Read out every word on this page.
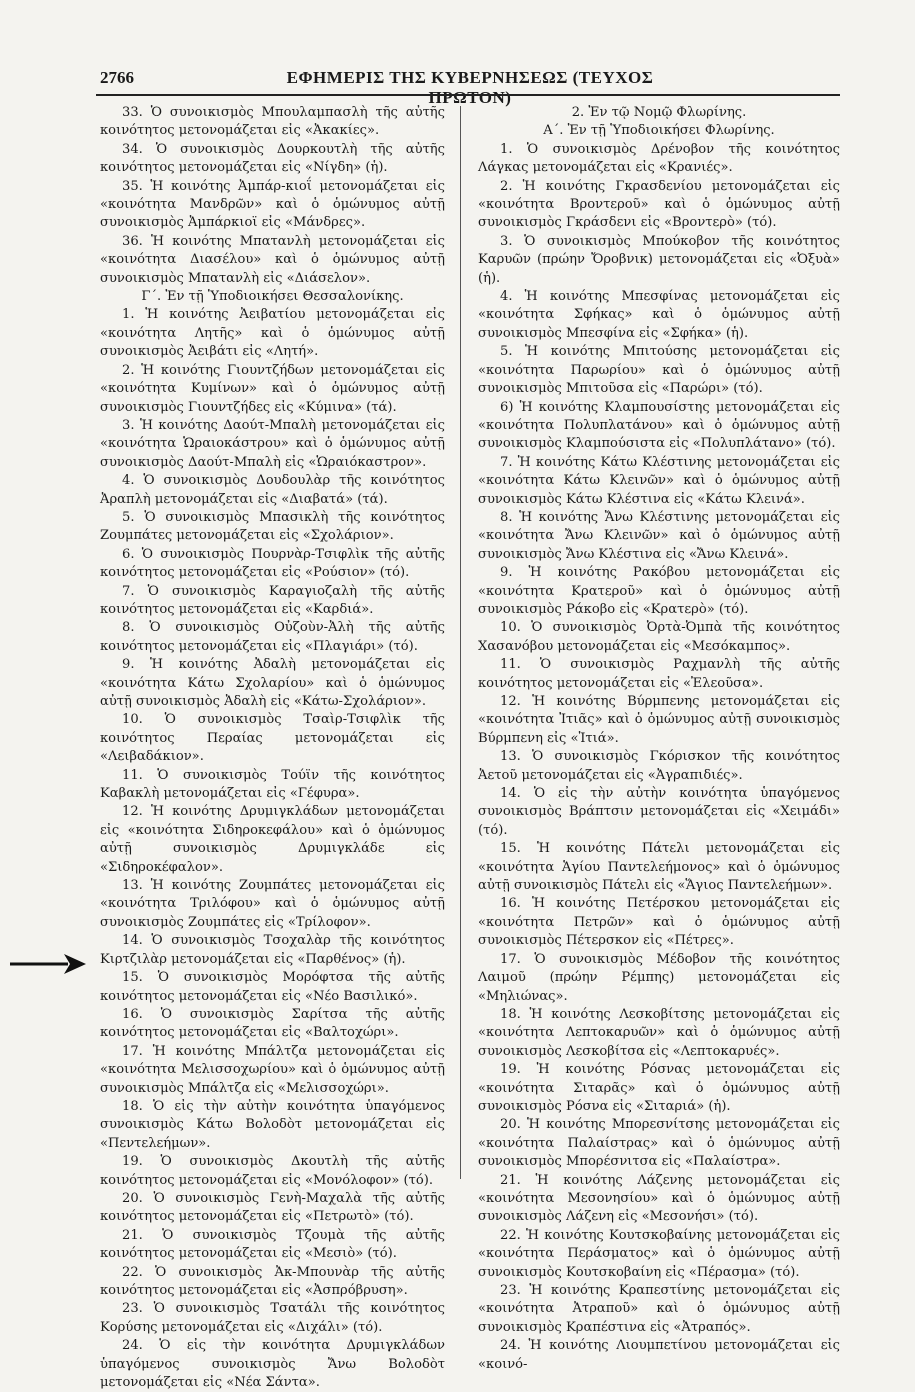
2766	ΕΦΗΜΕΡΙΣ ΤΗΣ ΚΥΒΕΡΝΗΣΕΩΣ (ΤΕΥΧΟΣ ΠΡΩΤΟΝ)

33. Ὁ συνοικισμὸς Μπουλαμπασλὴ τῆς αὐτῆς κοινότητος μετονομάζεται εἰς «Ἀκακίες».

34. Ὁ συνοικισμὸς Δουρκουτλὴ τῆς αὐτῆς κοινότητος μετονομάζεται εἰς «Νίγδη» (ἡ).

35. Ἡ κοινότης Ἀμπάρ-κιοΐ μετονομάζεται εἰς «κοινότητα Μανδρῶν» καὶ ὁ ὁμώνυμος αὐτῇ συνοικισμὸς Ἀμπάρκιοϊ εἰς «Μάνδρες».

36. Ἡ κοινότης Μπατανλὴ μετονομάζεται εἰς «κοινότητα Διασέλου» καὶ ὁ ὁμώνυμος αὐτῇ συνοικισμὸς Μπατανλὴ εἰς «Διάσελον».

Γ΄. Ἐν τῇ Ὑποδιοικήσει Θεσσαλονίκης.

1. Ἡ κοινότης Ἀειβατίου μετονομάζεται εἰς «κοινότητα Λητῆς» καὶ ὁ ὁμώνυμος αὐτῇ συνοικισμὸς Ἀειβάτι εἰς «Λητή».

2. Ἡ κοινότης Γιουντζήδων μετονομάζεται εἰς «κοινότητα Κυμίνων» καὶ ὁ ὁμώνυμος αὐτῇ συνοικισμὸς Γιουντζήδες εἰς «Κύμινα» (τά).

3. Ἡ κοινότης Δαούτ-Μπαλὴ μετονομάζεται εἰς «κοινότητα Ὡραιοκάστρου» καὶ ὁ ὁμώνυμος αὐτῇ συνοικισμὸς Δαούτ-Μπαλὴ εἰς «Ὡραιόκαστρον».

4. Ὁ συνοικισμὸς Δουδουλὰρ τῆς κοινότητος Ἀραπλὴ μετονομάζεται εἰς «Διαβατά» (τά).

5. Ὁ συνοικισμὸς Μπασικλὴ τῆς κοινότητος Ζουμπάτες μετονομάζεται εἰς «Σχολάριον».

6. Ὁ συνοικισμὸς Πουρνὰρ-Τσιφλὶκ τῆς αὐτῆς κοινότητος μετονομάζεται εἰς «Ρούσιον» (τό).

7. Ὁ συνοικισμὸς Καραγιοζαλὴ τῆς αὐτῆς κοινότητος μετονομάζεται εἰς «Καρδιά».

8. Ὁ συνοικισμὸς Οὐζοὺν-Ἀλὴ τῆς αὐτῆς κοινότητος μετονομάζεται εἰς «Πλαγιάρι» (τό).

9. Ἡ κοινότης Ἀδαλὴ μετονομάζεται εἰς «κοινότητα Κάτω Σχολαρίου» καὶ ὁ ὁμώνυμος αὐτῇ συνοικισμὸς Ἀδαλὴ εἰς «Κάτω-Σχολάριον».

10. Ὁ συνοικισμὸς Τσαὶρ-Τσιφλὶκ τῆς κοινότητος Περαίας μετονομάζεται εἰς «Λειβαδάκιον».

11. Ὁ συνοικισμὸς Τούϊν τῆς κοινότητος Καβακλὴ μετονομάζεται εἰς «Γέφυρα».

12. Ἡ κοινότης Δρυμιγκλάδων μετονομάζεται εἰς «κοινότητα Σιδηροκεφάλου» καὶ ὁ ὁμώνυμος αὐτῇ συνοικισμὸς Δρυμιγκλάδε εἰς «Σιδηροκέφαλον».

13. Ἡ κοινότης Ζουμπάτες μετονομάζεται εἰς «κοινότητα Τριλόφου» καὶ ὁ ὁμώνυμος αὐτῇ συνοικισμὸς Ζουμπάτες εἰς «Τρίλοφον».

14. Ὁ συνοικισμὸς Τσοχαλὰρ τῆς κοινότητος Κιρτζιλὰρ μετονομάζεται εἰς «Παρθένος» (ἡ).

15. Ὁ συνοικισμὸς Μορόφτσα τῆς αὐτῆς κοινότητος μετονομάζεται εἰς «Νέο Βασιλικό».

16. Ὁ συνοικισμὸς Σαρίτσα τῆς αὐτῆς κοινότητος μετονομάζεται εἰς «Βαλτοχώρι».

17. Ἡ κοινότης Μπάλτζα μετονομάζεται εἰς «κοινότητα Μελισσοχωρίου» καὶ ὁ ὁμώνυμος αὐτῇ συνοικισμὸς Μπάλτζα εἰς «Μελισσοχώρι».

18. Ὁ εἰς τὴν αὐτὴν κοινότητα ὑπαγόμενος συνοικισμὸς Κάτω Βολοδὸτ μετονομάζεται εἰς «Πεντελεήμων».

19. Ὁ συνοικισμὸς Δκουτλὴ τῆς αὐτῆς κοινότητος μετονομάζεται εἰς «Μονόλοφον» (τό).

20. Ὁ συνοικισμὸς Γενὴ-Μαχαλὰ τῆς αὐτῆς κοινότητος μετονομάζεται εἰς «Πετρωτὸ» (τό).

21. Ὁ συνοικισμὸς Τζουμὰ τῆς αὐτῆς κοινότητος μετονομάζεται εἰς «Μεσιὸ» (τό).

22. Ὁ συνοικισμὸς Ἀκ-Μπουνὰρ τῆς αὐτῆς κοινότητος μετονομάζεται εἰς «Ἀσπρόβρυση».

23. Ὁ συνοικισμὸς Τσατάλι τῆς κοινότητος Κορύσης μετονομάζεται εἰς «Διχάλι» (τό).

24. Ὁ εἰς τὴν κοινότητα Δρυμιγκλάδων ὑπαγόμενος συνοικισμὸς Ἄνω Βολοδὸτ μετονομάζεται εἰς «Νέα Σάντα».

2. Ἐν τῷ Νομῷ Φλωρίνης.

Α΄. Ἐν τῇ Ὑποδιοικήσει Φλωρίνης.

1. Ὁ συνοικισμὸς Δρένοβον τῆς κοινότητος Λάγκας μετονομάζεται εἰς «Κρανιές».

2. Ἡ κοινότης Γκρασδενίου μετονομάζεται εἰς «κοινότητα Βροντεροῦ» καὶ ὁ ὁμώνυμος αὐτῇ συνοικισμὸς Γκράσδενι εἰς «Βροντερὸ» (τό).

3. Ὁ συνοικισμὸς Μπούκοβον τῆς κοινότητος Καρυῶν (πρώην Ὄροβνικ) μετονομάζεται εἰς «Ὀξυὰ» (ἡ).

4. Ἡ κοινότης Μπεσφίνας μετονομάζεται εἰς «κοινότητα Σφήκας» καὶ ὁ ὁμώνυμος αὐτῇ συνοικισμὸς Μπεσφίνα εἰς «Σφήκα» (ἡ).

5. Ἡ κοινότης Μπιτούσης μετονομάζεται εἰς «κοινότητα Παρωρίου» καὶ ὁ ὁμώνυμος αὐτῇ συνοικισμὸς Μπιτοῦσα εἰς «Παρώρι» (τό).

6) Ἡ κοινότης Κλαμπουσίστης μετονομάζεται εἰς «κοινότητα Πολυπλατάνου» καὶ ὁ ὁμώνυμος αὐτῇ συνοικισμὸς Κλαμπούσιστα εἰς «Πολυπλάτανο» (τό).

7. Ἡ κοινότης Κάτω Κλέστινης μετονομάζεται εἰς «κοινότητα Κάτω Κλεινῶν» καὶ ὁ ὁμώνυμος αὐτῇ συνοικισμὸς Κάτω Κλέστινα εἰς «Κάτω Κλεινά».

8. Ἡ κοινότης Ἄνω Κλέστινης μετονομάζεται εἰς «κοινότητα Ἄνω Κλεινῶν» καὶ ὁ ὁμώνυμος αὐτῇ συνοικισμὸς Ἄνω Κλέστινα εἰς «Ἄνω Κλεινά».

9. Ἡ κοινότης Ρακόβου μετονομάζεται εἰς «κοινότητα Κρατεροῦ» καὶ ὁ ὁμώνυμος αὐτῇ συνοικισμὸς Ράκοβο εἰς «Κρατερὸ» (τό).

10. Ὁ συνοικισμὸς Ὀρτὰ-Ὀμπὰ τῆς κοινότητος Χασανόβου μετονομάζεται εἰς «Μεσόκαμπος».

11. Ὁ συνοικισμὸς Ραχμανλὴ τῆς αὐτῆς κοινότητος μετονομάζεται εἰς «Ἐλεοῦσα».

12. Ἡ κοινότης Βύρμπενης μετονομάζεται εἰς «κοινότητα Ἰτιᾶς» καὶ ὁ ὁμώνυμος αὐτῇ συνοικισμὸς Βύρμπενη εἰς «Ἰτιά».

13. Ὁ συνοικισμὸς Γκόρισκον τῆς κοινότητος Ἀετοῦ μετονομάζεται εἰς «Ἀγραπιδιές».

14. Ὁ εἰς τὴν αὐτὴν κοινότητα ὑπαγόμενος συνοικισμὸς Βράπτσιν μετονομάζεται εἰς «Χειμάδι» (τό).

15. Ἡ κοινότης Πάτελι μετονομάζεται εἰς «κοινότητα Ἁγίου Παντελεήμονος» καὶ ὁ ὁμώνυμος αὐτῇ συνοικισμὸς Πάτελι εἰς «Ἅγιος Παντελεήμων».

16. Ἡ κοινότης Πετέρσκου μετονομάζεται εἰς «κοινότητα Πετρῶν» καὶ ὁ ὁμώνυμος αὐτῇ συνοικισμὸς Πέτερσκον εἰς «Πέτρες».

17. Ὁ συνοικισμὸς Μέδοβον τῆς κοινότητος Λαιμοῦ (πρώην Ρέμπης) μετονομάζεται εἰς «Μηλιώνας».

18. Ἡ κοινότης Λεσκοβίτσης μετονομάζεται εἰς «κοινότητα Λεπτοκαρυῶν» καὶ ὁ ὁμώνυμος αὐτῇ συνοικισμὸς Λεσκοβίτσα εἰς «Λεπτοκαρυές».

19. Ἡ κοινότης Ρόσνας μετονομάζεται εἰς «κοινότητα Σιταρᾶς» καὶ ὁ ὁμώνυμος αὐτῇ συνοικισμὸς Ρόσνα εἰς «Σιταριά» (ἡ).

20. Ἡ κοινότης Μπορεσνίτσης μετονομάζεται εἰς «κοινότητα Παλαίστρας» καὶ ὁ ὁμώνυμος αὐτῇ συνοικισμὸς Μπορέσνιτσα εἰς «Παλαίστρα».

21. Ἡ κοινότης Λάζενης μετονομάζεται εἰς «κοινότητα Μεσονησίου» καὶ ὁ ὁμώνυμος αὐτῇ συνοικισμὸς Λάζενη εἰς «Μεσονήσι» (τό).

22. Ἡ κοινότης Κουτσκοβαίνης μετονομάζεται εἰς «κοινότητα Περάσματος» καὶ ὁ ὁμώνυμος αὐτῇ συνοικισμὸς Κουτσκοβαίνη εἰς «Πέρασμα» (τό).

23. Ἡ κοινότης Κραπεστίνης μετονομάζεται εἰς «κοινότητα Ἀτραποῦ» καὶ ὁ ὁμώνυμος αὐτῇ συνοικισμὸς Κραπέστινα εἰς «Ἀτραπός».

24. Ἡ κοινότης Λιουμπετίνου μετονομάζεται εἰς «κοινό-
